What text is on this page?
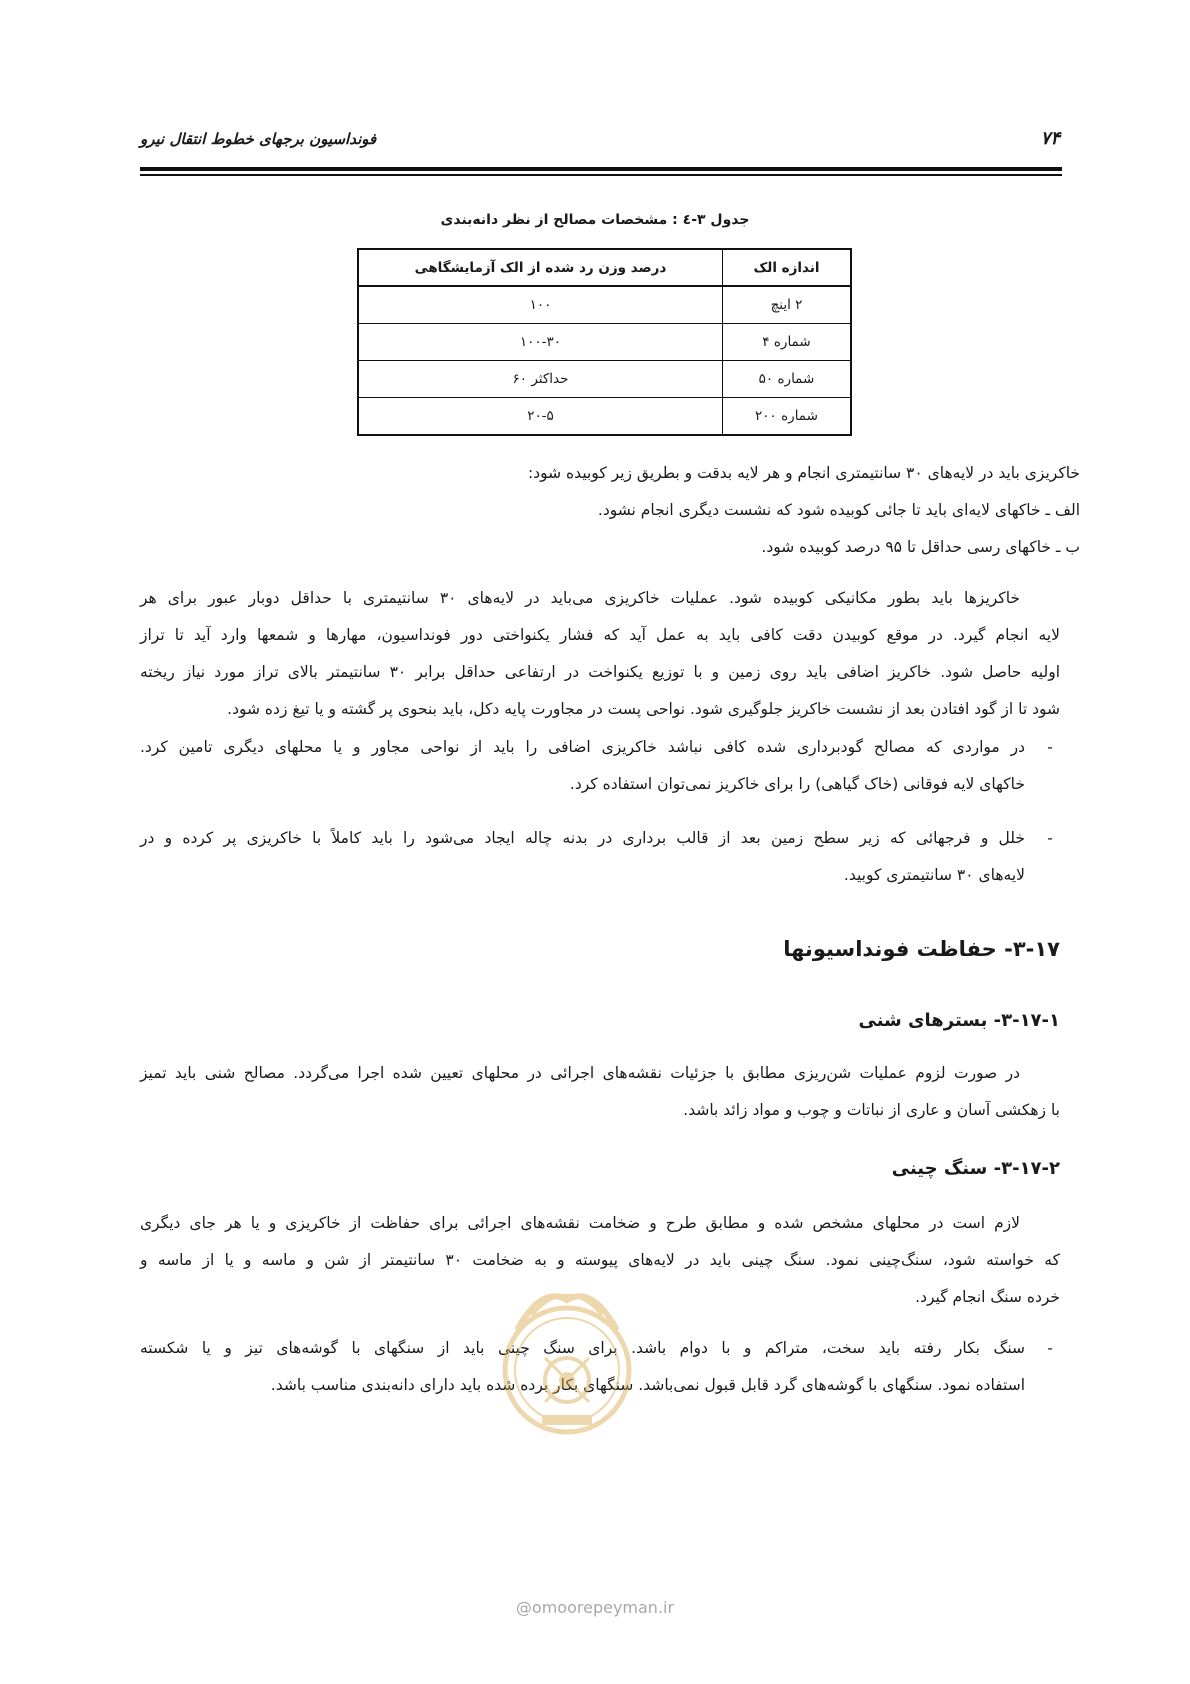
۷۴
فونداسیون برجهای خطوط انتقال نیرو
جدول ۳-٤ : مشخصات مصالح از نظر دانه‌بندی
اندازه الک	درصد وزن رد شده از الک آزمایشگاهی
۲ اینچ	۱۰۰
شماره ۴	۱۰۰-۳۰
شماره ۵۰	حداکثر ۶۰
شماره ۲۰۰	۲۰-۵
خاکریزی باید در لایه‌های ۳۰ سانتیمتری انجام و هر لایه بدقت و بطریق زیر کوبیده شود:
الف ـ خاکهای لایه‌ای باید تا جائی کوبیده شود که نشست دیگری انجام نشود.
ب ـ خاکهای رسی حداقل تا ۹۵ درصد کوبیده شود.
خاکریزها باید بطور مکانیکی کوبیده شود. عملیات خاکریزی می‌باید در لایه‌های ۳۰ سانتیمتری با حداقل دوبار عبور برای هر
لایه انجام گیرد. در موقع کوبیدن دقت کافی باید به عمل آید که فشار یکنواختی دور فونداسیون، مهارها و شمعها وارد آید تا تراز
اولیه حاصل شود. خاکریز اضافی باید روی زمین و با توزیع یکنواخت در ارتفاعی حداقل برابر ۳۰ سانتیمتر بالای تراز مورد نیاز ریخته
شود تا از گود افتادن بعد از نشست خاکریز جلوگیری شود. نواحی پست در مجاورت پایه دکل، باید بنحوی پر گشته و یا تیغ زده شود.
-
در مواردی که مصالح گودبرداری شده کافی نباشد خاکریزی اضافی را باید از نواحی مجاور و یا محلهای دیگری تامین کرد.
خاکهای لایه فوقانی (خاک گیاهی) را برای خاکریز نمی‌توان استفاده کرد.
-
خلل و فرجهائی که زیر سطح زمین بعد از قالب برداری در بدنه چاله ایجاد می‌شود را باید کاملاً با خاکریزی پر کرده و در
لایه‌های ۳۰ سانتیمتری کوبید.
۳-۱۷- حفاظت فونداسیونها
۳-۱۷-۱- بسترهای شنی
در صورت لزوم عملیات شن‌ریزی مطابق با جزئیات نقشه‌های اجرائی در محلهای تعیین شده اجرا می‌گردد. مصالح شنی باید تمیز
با زهکشی آسان و عاری از نباتات و چوب و مواد زائد باشد.
۳-۱۷-۲- سنگ چینی
لازم است در محلهای مشخص شده و مطابق طرح و ضخامت نقشه‌های اجرائی برای حفاظت از خاکریزی و یا هر جای دیگری
که خواسته شود، سنگ‌چینی نمود. سنگ چینی باید در لایه‌های پیوسته و به ضخامت ۳۰ سانتیمتر از شن و ماسه و یا از ماسه و
خرده سنگ انجام گیرد.
-
سنگ بکار رفته باید سخت، متراکم و با دوام باشد. برای سنگ چینی باید از سنگهای با گوشه‌های تیز و یا شکسته
استفاده نمود. سنگهای با گوشه‌های گرد قابل قبول نمی‌باشد. سنگهای بکار برده شده باید دارای دانه‌بندی مناسب باشد.
@omoorepeyman.ir
